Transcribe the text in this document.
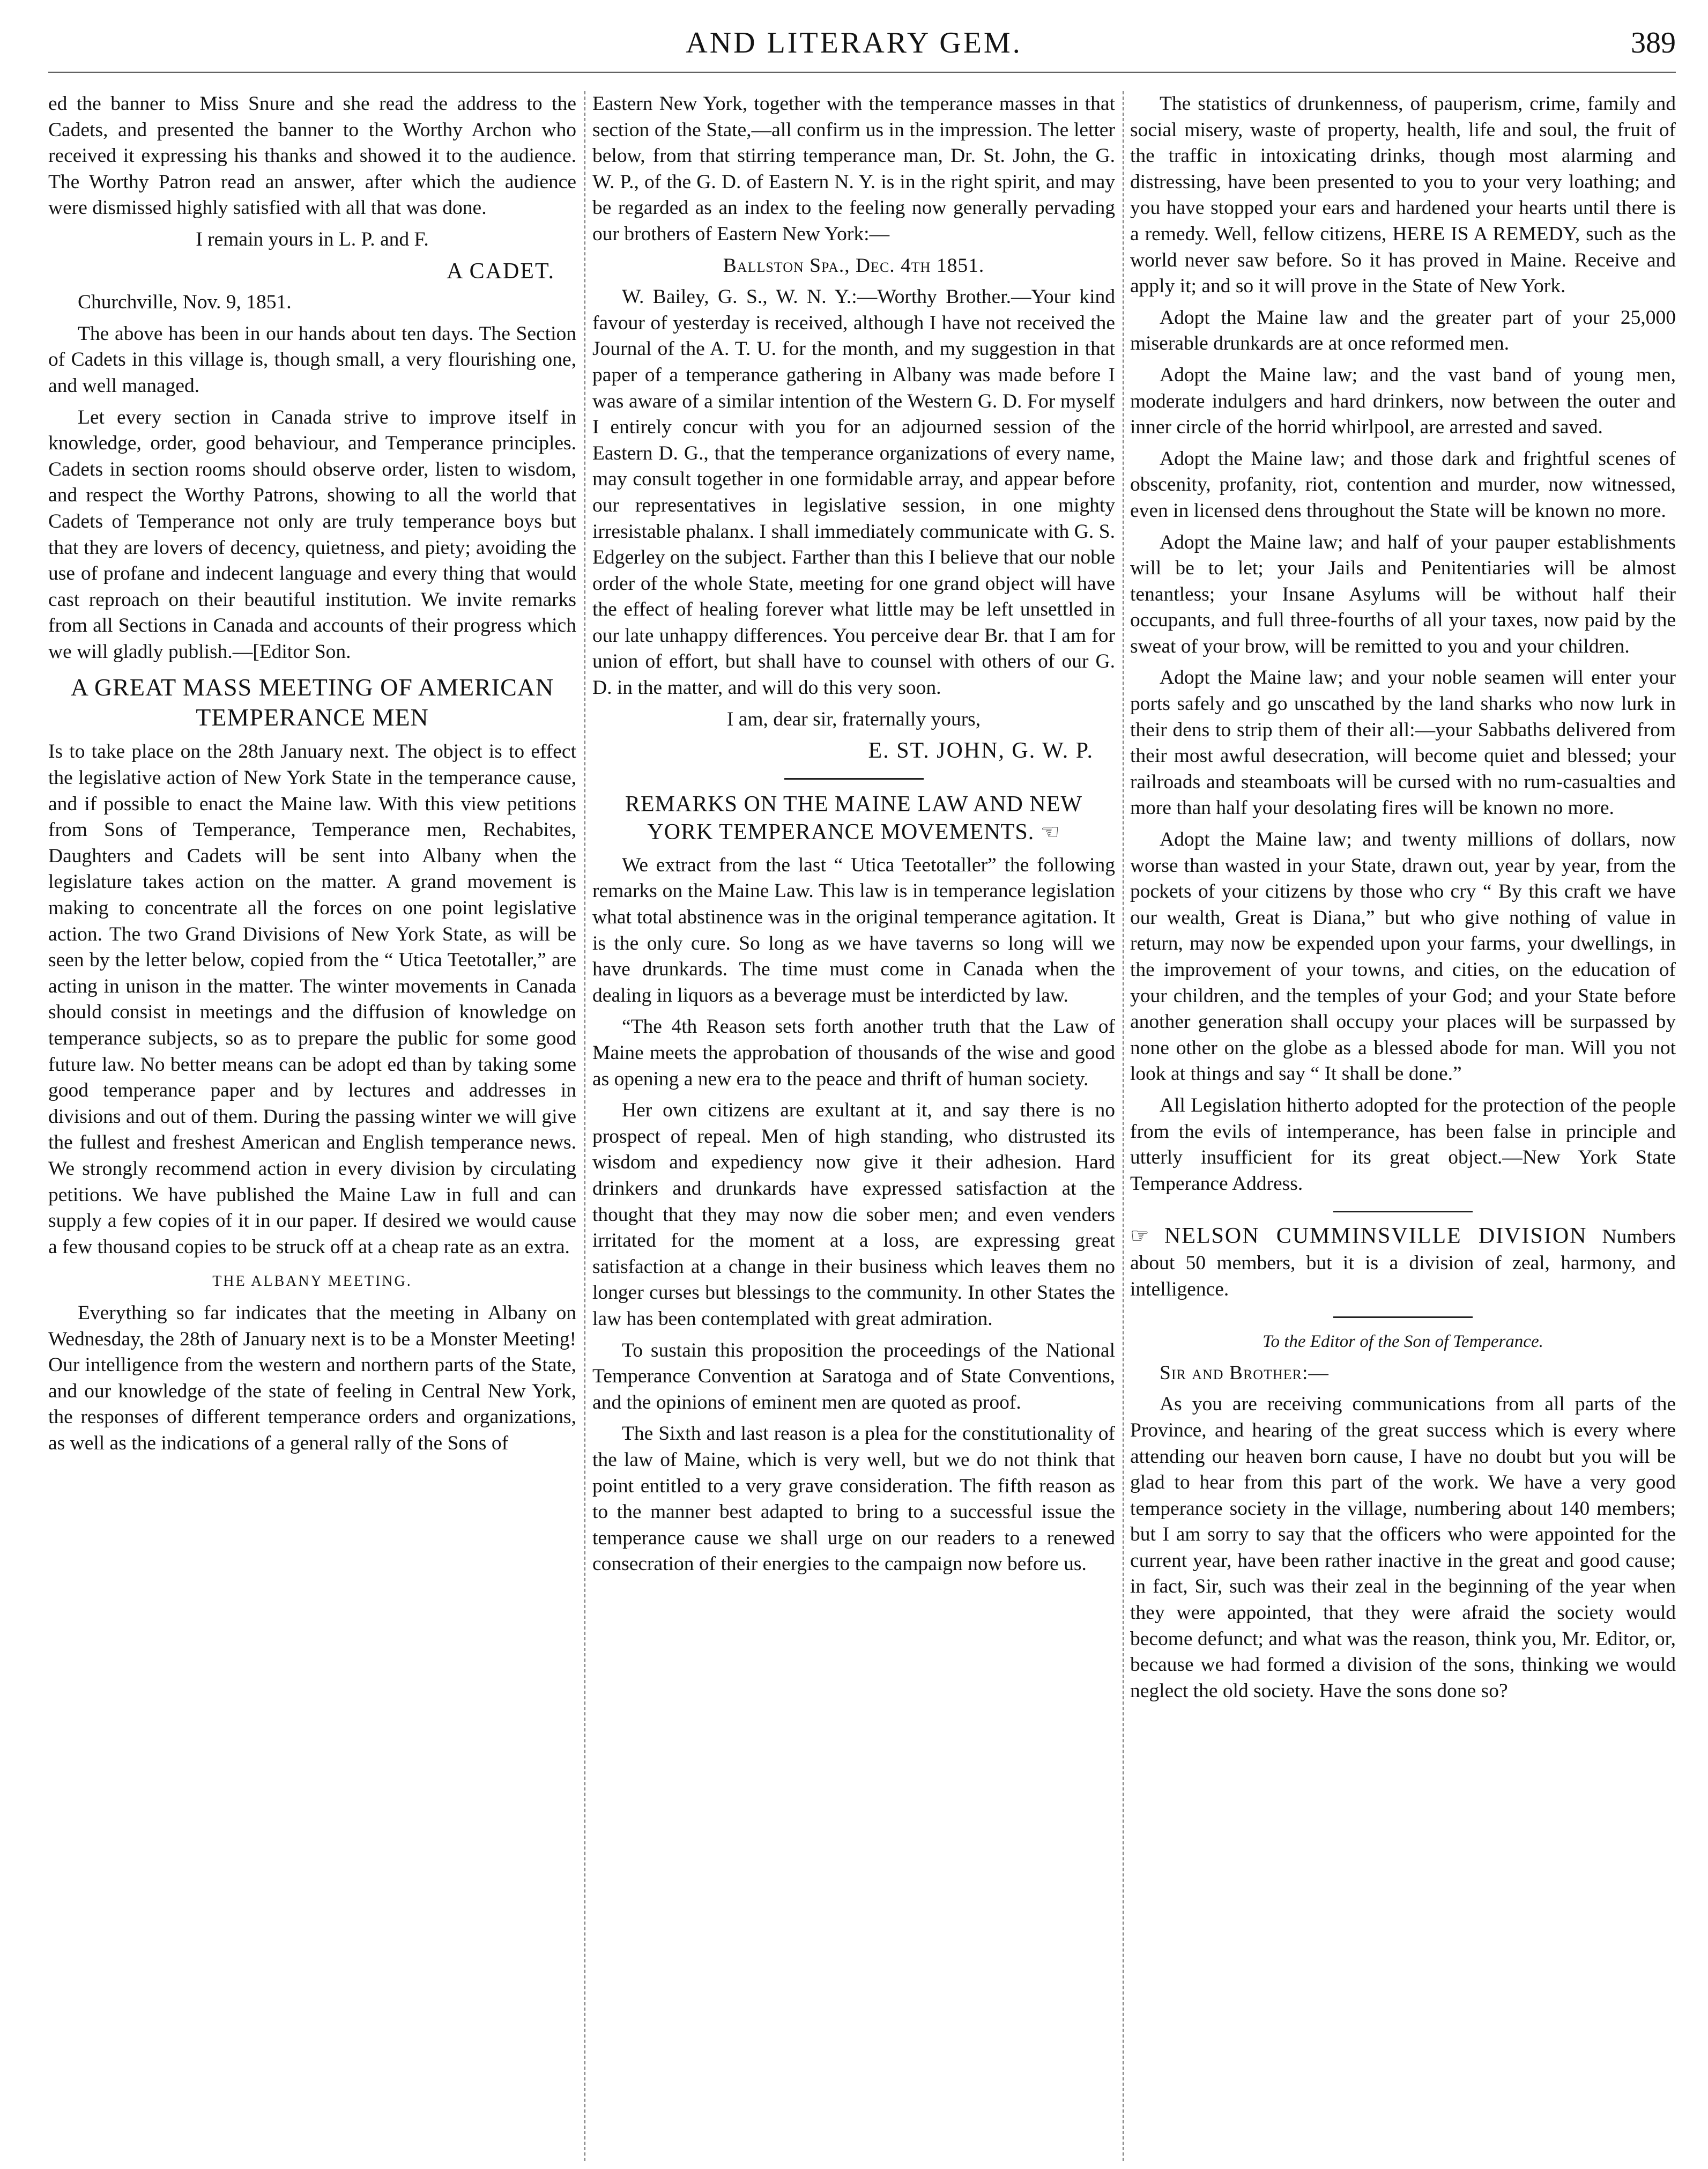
AND LITERARY GEM.	389

ed the banner to Miss Snure and she read the address to the Cadets, and presented the banner to the Worthy Archon who received it expressing his thanks and showed it to the audience. The Worthy Patron read an answer, after which the audience were dismissed highly satisfied with all that was done.

I remain yours in L. P. and F.

A CADET.

Churchville, Nov. 9, 1851.

The above has been in our hands about ten days. The Section of Cadets in this village is, though small, a very flourishing one, and well managed.

Let every section in Canada strive to improve itself in knowledge, order, good behaviour, and Temperance principles. Cadets in section rooms should observe order, listen to wisdom, and respect the Worthy Patrons, showing to all the world that Cadets of Temperance not only are truly temperance boys but that they are lovers of decency, quietness, and piety; avoiding the use of profane and indecent language and every thing that would cast reproach on their beautiful institution. We invite remarks from all Sections in Canada and accounts of their progress which we will gladly publish.—[Editor Son.

A GREAT MASS MEETING OF AMERICAN TEMPERANCE MEN

Is to take place on the 28th January next. The object is to effect the legislative action of New York State in the temperance cause, and if possible to enact the Maine law. With this view petitions from Sons of Temperance, Temperance men, Rechabites, Daughters and Cadets will be sent into Albany when the legislature takes action on the matter. A grand movement is making to concentrate all the forces on one point legislative action. The two Grand Divisions of New York State, as will be seen by the letter below, copied from the “ Utica Teetotaller,” are acting in unison in the matter. The winter movements in Canada should consist in meetings and the diffusion of knowledge on temperance subjects, so as to prepare the public for some good future law. No better means can be adopt ed than by taking some good temperance paper and by lectures and addresses in divisions and out of them. During the passing winter we will give the fullest and freshest American and English temperance news. We strongly recommend action in every division by circulating petitions. We have published the Maine Law in full and can supply a few copies of it in our paper. If desired we would cause a few thousand copies to be struck off at a cheap rate as an extra.

THE ALBANY MEETING.

Everything so far indicates that the meeting in Albany on Wednesday, the 28th of January next is to be a Monster Meeting! Our intelligence from the western and northern parts of the State, and our knowledge of the state of feeling in Central New York, the responses of different temperance orders and organizations, as well as the indications of a general rally of the Sons of

Eastern New York, together with the temperance masses in that section of the State,—all confirm us in the impression. The letter below, from that stirring temperance man, Dr. St. John, the G. W. P., of the G. D. of Eastern N. Y. is in the right spirit, and may be regarded as an index to the feeling now generally pervading our brothers of Eastern New York:—

Ballston Spa., Dec. 4th 1851.

W. Bailey, G. S., W. N. Y.:—Worthy Brother.—Your kind favour of yesterday is received, although I have not received the Journal of the A. T. U. for the month, and my suggestion in that paper of a temperance gathering in Albany was made before I was aware of a similar intention of the Western G. D. For myself I entirely concur with you for an adjourned session of the Eastern D. G., that the temperance organizations of every name, may consult together in one formidable array, and appear before our representatives in legislative session, in one mighty irresistable phalanx. I shall immediately communicate with G. S. Edgerley on the subject. Farther than this I believe that our noble order of the whole State, meeting for one grand object will have the effect of healing forever what little may be left unsettled in our late unhappy differences. You perceive dear Br. that I am for union of effort, but shall have to counsel with others of our G. D. in the matter, and will do this very soon.

I am, dear sir, fraternally yours,

E. ST. JOHN, G. W. P.

REMARKS ON THE MAINE LAW AND NEW YORK TEMPERANCE MOVEMENTS. ☜

We extract from the last “ Utica Teetotaller” the following remarks on the Maine Law. This law is in temperance legislation what total abstinence was in the original temperance agitation. It is the only cure. So long as we have taverns so long will we have drunkards. The time must come in Canada when the dealing in liquors as a beverage must be interdicted by law.

“The 4th Reason sets forth another truth that the Law of Maine meets the approbation of thousands of the wise and good as opening a new era to the peace and thrift of human society.

Her own citizens are exultant at it, and say there is no prospect of repeal. Men of high standing, who distrusted its wisdom and expediency now give it their adhesion. Hard drinkers and drunkards have expressed satisfaction at the thought that they may now die sober men; and even venders irritated for the moment at a loss, are expressing great satisfaction at a change in their business which leaves them no longer curses but blessings to the community. In other States the law has been contemplated with great admiration.

To sustain this proposition the proceedings of the National Temperance Convention at Saratoga and of State Conventions, and the opinions of eminent men are quoted as proof.

The Sixth and last reason is a plea for the constitutionality of the law of Maine, which is very well, but we do not think that point entitled to a very grave consideration. The fifth reason as to the manner best adapted to bring to a successful issue the temperance cause we shall urge on our readers to a renewed consecration of their energies to the campaign now before us.

The statistics of drunkenness, of pauperism, crime, family and social misery, waste of property, health, life and soul, the fruit of the traffic in intoxicating drinks, though most alarming and distressing, have been presented to you to your very loathing; and you have stopped your ears and hardened your hearts until there is a remedy. Well, fellow citizens, HERE IS A REMEDY, such as the world never saw before. So it has proved in Maine. Receive and apply it; and so it will prove in the State of New York.

Adopt the Maine law and the greater part of your 25,000 miserable drunkards are at once reformed men.

Adopt the Maine law; and the vast band of young men, moderate indulgers and hard drinkers, now between the outer and inner circle of the horrid whirlpool, are arrested and saved.

Adopt the Maine law; and those dark and frightful scenes of obscenity, profanity, riot, contention and murder, now witnessed, even in licensed dens throughout the State will be known no more.

Adopt the Maine law; and half of your pauper establishments will be to let; your Jails and Penitentiaries will be almost tenantless; your Insane Asylums will be without half their occupants, and full three-fourths of all your taxes, now paid by the sweat of your brow, will be remitted to you and your children.

Adopt the Maine law; and your noble seamen will enter your ports safely and go unscathed by the land sharks who now lurk in their dens to strip them of their all:—your Sabbaths delivered from their most awful desecration, will become quiet and blessed; your railroads and steamboats will be cursed with no rum-casualties and more than half your desolating fires will be known no more.

Adopt the Maine law; and twenty millions of dollars, now worse than wasted in your State, drawn out, year by year, from the pockets of your citizens by those who cry “ By this craft we have our wealth, Great is Diana,” but who give nothing of value in return, may now be expended upon your farms, your dwellings, in the improvement of your towns, and cities, on the education of your children, and the temples of your God; and your State before another generation shall occupy your places will be surpassed by none other on the globe as a blessed abode for man. Will you not look at things and say “ It shall be done.”

All Legislation hitherto adopted for the protection of the people from the evils of intemperance, has been false in principle and utterly insufficient for its great object.—New York State Temperance Address.

☞ NELSON CUMMINSVILLE DIVISION Numbers about 50 members, but it is a division of zeal, harmony, and intelligence.

To the Editor of the Son of Temperance.

Sir and Brother:—

As you are receiving communications from all parts of the Province, and hearing of the great success which is every where attending our heaven born cause, I have no doubt but you will be glad to hear from this part of the work. We have a very good temperance society in the village, numbering about 140 members; but I am sorry to say that the officers who were appointed for the current year, have been rather inactive in the great and good cause; in fact, Sir, such was their zeal in the beginning of the year when they were appointed, that they were afraid the society would become defunct; and what was the reason, think you, Mr. Editor, or, because we had formed a division of the sons, thinking we would neglect the old society. Have the sons done so?
